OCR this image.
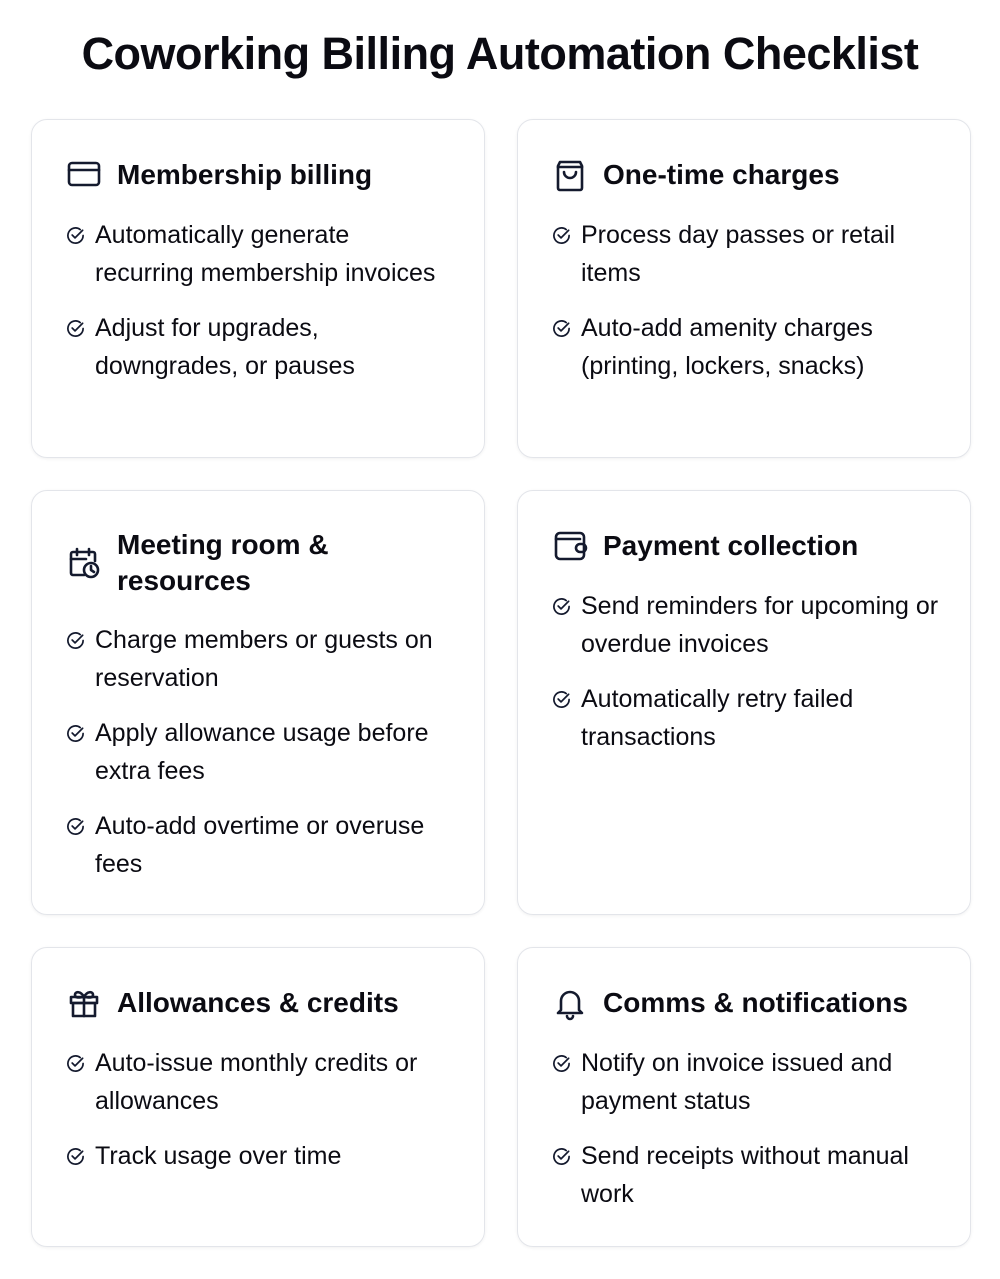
Coworking Billing Automation Checklist
Membership billing
Automatically generate recurring membership invoices
Adjust for upgrades, downgrades, or pauses
One-time charges
Process day passes or retail items
Auto-add amenity charges (printing, lockers, snacks)
Meeting room & resources
Charge members or guests on reservation
Apply allowance usage before extra fees
Auto-add overtime or overuse fees
Payment collection
Send reminders for upcoming or overdue invoices
Automatically retry failed transactions
Allowances & credits
Auto-issue monthly credits or allowances
Track usage over time
Comms & notifications
Notify on invoice issued and payment status
Send receipts without manual work
